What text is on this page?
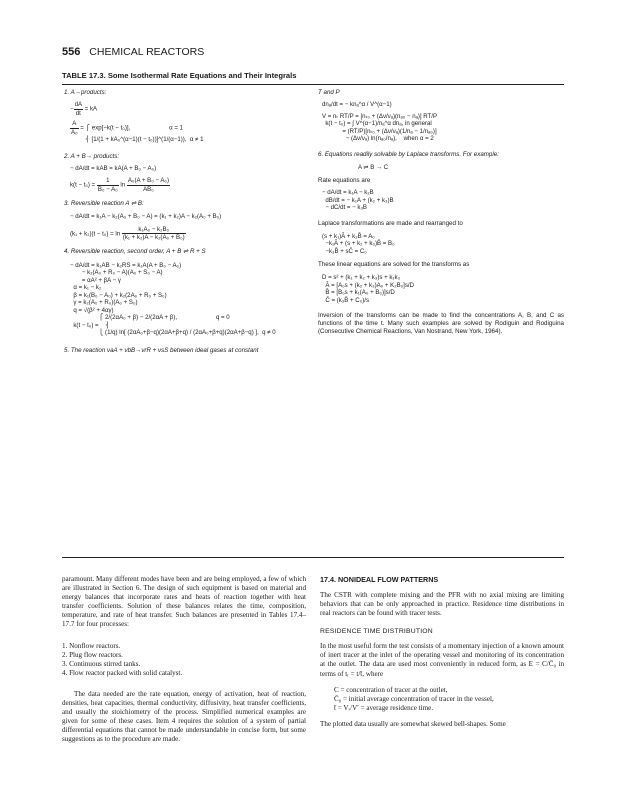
556 CHEMICAL REACTORS
TABLE 17.3. Some Isothermal Rate Equations and Their Integrals
1. A→products:
− $\frac{dA}{dt}$ = kA
$\frac{A}{\text{A₀}}$ = ⎧ exp[−k(t − t₀)],                       α = 1
⎨ [1/(1 + kA₀^(α−1)(t − t₀))]^(1/(α−1)),  α ≠ 1
2. A + B→ products:
− dA/dt = kAB = kA(A + B₀ − A₀)
$k(t - t_0) = \frac{1}{\text{B₀ − A₀}}$ $\ln \frac{\text{A₀(A + B₀ − A₀)}}{\text{AB₀}}$
3. Reversible reaction A ⇌ B:
− dA/dt = k₁A − k₂(A₀ + B₀ − A) = (k₁ + k₂)A − k₂(A₀ + B₀)
$(k_1 + k_2)(t - t_0) = \ln \frac{\text{k₁A₀ − k₂B₀}}{\text{(k₁ + k₂)A − k₂(A₀ + B₀)}}$
4. Reversible reaction, second order, A + B ⇌ R + S
− dA/dt = k₁AB − k₂RS = k₁A(A + B₀ − A₀)
− k₂(A₀ + R₀ − A)(A₀ + S₀ − A)
= αA² + βA − γ
α = k₁ − k₂
β = k₁(B₀ − A₀) + k₂(2A₀ + R₀ + S₀)
γ = k₂(A₀ + R₀)(A₀ + S₀)
q = √(β² + 4αγ)
⎧ 2/(2αA₀ + β) − 2/(2αA + β),                       q = 0
k(t − t₀) =    ⎨
⎩ (1/q) ln[ (2αA₀+β−q)(2αA+β+q) / (2αA₀+β+q)(2αA+β−q) ],  q ≠ 0
5. The reaction νaA + νbB→νrR + νsS between ideal gases at constant
T and P
dnₐ/dt = − knₐ^α / V^(α−1)
V = nₜ RT/P = [nₜ₀ + (Δν/νₐ)(nₐ₀ − nₐ)] RT/P
k(t − t₀) = ∫ V^(α−1)/nₐ^α dnₐ, in general
= (RT/P)[nₜ₀ + (Δν/νₐ)(1/nₐ − 1/nₐ₀)]
− (Δν/νₐ) ln(nₐ₀/nₐ),    when α = 2
6. Equations readily solvable by Laplace transforms. For example:
A ⇌ B → C
Rate equations are
− dA/dt = k₁A − k₂B
dB/dt = − k₁A + (k₂ + k₃)B
− dC/dt = − k₃B
Laplace transformations are made and rearranged to
(s + k₁)Ā + k₂B̄ = A₀
−k₁Ā + (s + k₂ + k₃)B̄ = B₀
−k₃B̄ + sC̄ = C₀
These linear equations are solved for the transforms as
D = s² + (k₁ + k₂ + k₃)s + k₁k₃
Ā = [A₀s + (k₂ + k₃)A₀ + K₂B₀]s/D
B̄ = [B₀s + k₁(A₀ + B₀)]s/D
C̄ = (k₃B̄ + C₀)/s
Inversion of the transforms can be made to find the concentrations A, B, and C as functions of the time t. Many such examples are solved by Rodiguin and Rodiguina (Consecutive Chemical Reactions, Van Nostrand, New York, 1964).
paramount. Many different modes have been and are being employed, a few of which are illustrated in Section 6. The design of such equipment is based on material and energy balances that incorporate rates and heats of reaction together with heat transfer coefficients. Solution of these balances relates the time, composition, temperature, and rate of heat transfer. Such balances are presented in Tables 17.4–17.7 for four processes:
1. Nonflow reactors.
2. Plug flow reactors.
3. Continuous stirred tanks.
4. Flow reactor packed with solid catalyst.
The data needed are the rate equation, energy of activation, heat of reaction, densities, heat capacities, thermal conductivity, diffusivity, heat transfer coefficients, and usually the stoichiometry of the process. Simplified numerical examples are given for some of these cases. Item 4 requires the solution of a system of partial differential equations that cannot be made understandable in concise form, but some suggestions as to the procedure are made.
17.4. NONIDEAL FLOW PATTERNS
The CSTR with complete mixing and the PFR with no axial mixing are limiting behaviors that can be only approached in practice. Residence time distributions in real reactors can be found with tracer tests.
RESIDENCE TIME DISTRIBUTION
In the most useful form the test consists of a momentary injection of a known amount of inert tracer at the inlet of the operating vessel and monitoring of its concentration at the outlet. The data are used most conveniently in reduced form, as E = C/C̄₀ in terms of tᵣ = t/t̄, where
C = concentration of tracer at the outlet,
C̄₀ = initial average concentration of tracer in the vessel,
t̄ = Vᵣ/V′ = average residence time.
The plotted data usually are somewhat skewed bell-shapes. Some
